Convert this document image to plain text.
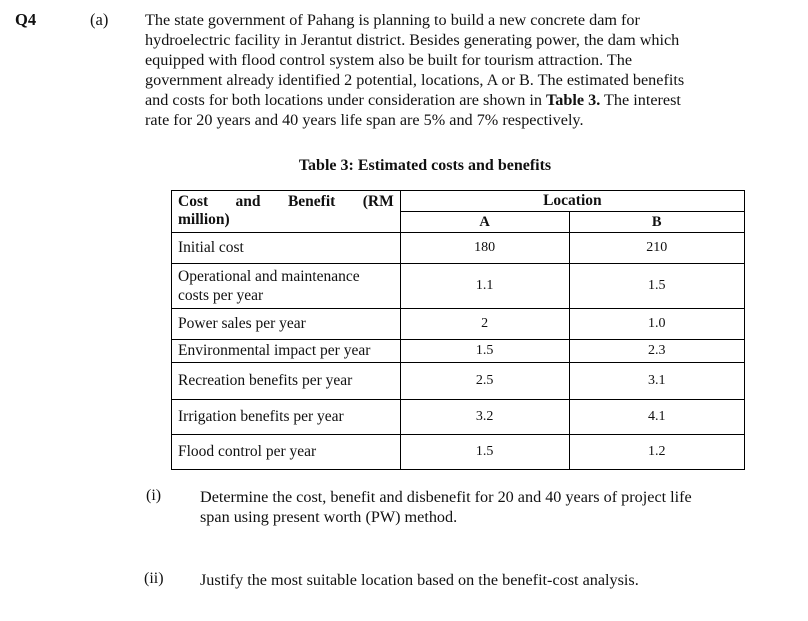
Q4	(a) The state government of Pahang is planning to build a new concrete dam for

hydroelectric facility in Jerantut district. Besides generating power, the dam which

equipped with flood control system also be built for tourism attraction. The

government already identified 2 potential, locations, A or B. The estimated benefits

and costs for both locations under consideration are shown in Table 3. The interest

rate for 20 years and 40 years life span are 5% and 7% respectively.

Table 3: Estimated costs and benefits
Cost and Benefit (RM
million)	Location	
	A	B
Initial cost	180	210

Operational and maintenance
costs per year	1.1	1.5
Power sales per year	2	1.0
Environmental impact per year	1.5	2.3
Recreation benefits per year	2.5	3.1
Irrigation benefits per year	3.2	4.1
Flood control per year	1.5	1.2
(i) Determine the cost, benefit and disbenefit for 20 and 40 years of project life
span using present worth (PW) method.
(ii) Justify the most suitable location based on the benefit-cost analysis.
